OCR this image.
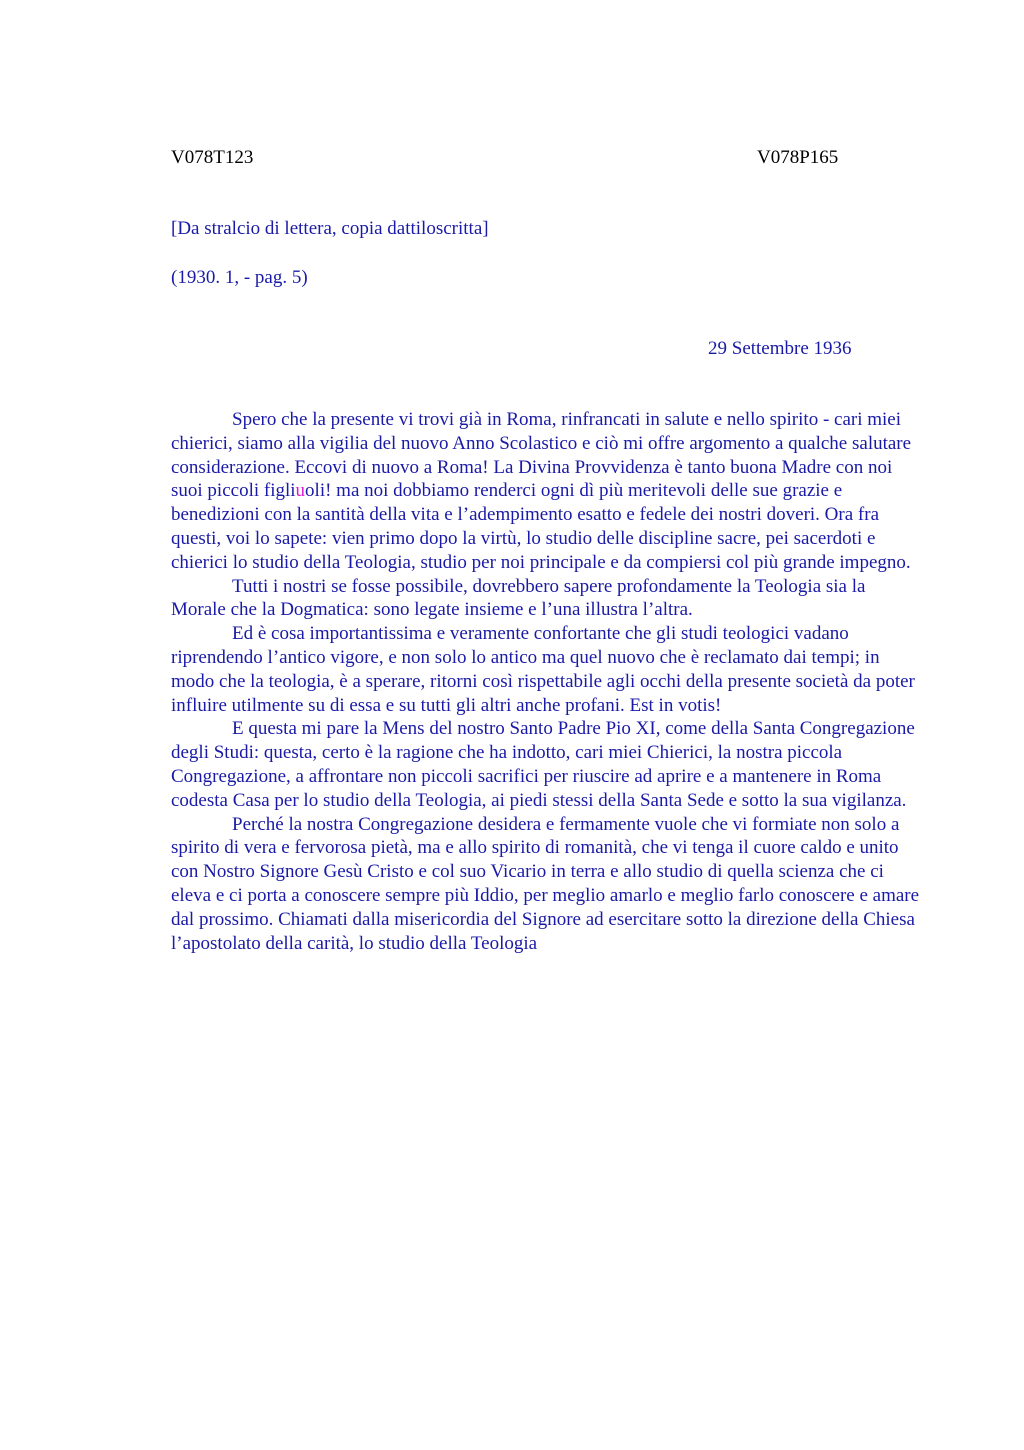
V078T123	V078P165
[Da stralcio di lettera, copia dattiloscritta]
(1930. 1, - pag. 5)
29 Settembre 1936

Spero che la presente vi trovi già in Roma, rinfrancati in salute e nello spirito - cari miei chierici, siamo alla vigilia del nuovo Anno Scolastico e ciò mi offre argomento a qualche salutare considerazione. Eccovi di nuovo a Roma! La Divina Provvidenza è tanto buona Madre con noi suoi piccoli figliuoli! ma noi dobbiamo renderci ogni dì più meritevoli delle sue grazie e benedizioni con la santità della vita e l’adempimento esatto e fedele dei nostri doveri. Ora fra questi, voi lo sapete: vien primo dopo la virtù, lo studio delle discipline sacre, pei sacerdoti e chierici lo studio della Teologia, studio per noi principale e da compiersi col più grande impegno.

Tutti i nostri se fosse possibile, dovrebbero sapere profondamente la Teologia sia la Morale che la Dogmatica: sono legate insieme e l’una illustra l’altra.

Ed è cosa importantissima e veramente confortante che gli studi teologici vadano riprendendo l’antico vigore, e non solo lo antico ma quel nuovo che è reclamato dai tempi; in modo che la teologia, è a sperare, ritorni così rispettabile agli occhi della presente società da poter influire utilmente su di essa e su tutti gli altri anche profani. Est in votis!

E questa mi pare la Mens del nostro Santo Padre Pio XI, come della Santa Congregazione degli Studi: questa, certo è la ragione che ha indotto, cari miei Chierici, la nostra piccola Congregazione, a affrontare non piccoli sacrifici per riuscire ad aprire e a mantenere in Roma codesta Casa per lo studio della Teologia, ai piedi stessi della Santa Sede e sotto la sua vigilanza.

Perché la nostra Congregazione desidera e fermamente vuole che vi formiate non solo a spirito di vera e fervorosa pietà, ma e allo spirito di romanità, che vi tenga il cuore caldo e unito con Nostro Signore Gesù Cristo e col suo Vicario in terra e allo studio di quella scienza che ci eleva e ci porta a conoscere sempre più Iddio, per meglio amarlo e meglio farlo conoscere e amare dal prossimo. Chiamati dalla misericordia del Signore ad esercitare sotto la direzione della Chiesa l’apostolato della carità, lo studio della Teologia
